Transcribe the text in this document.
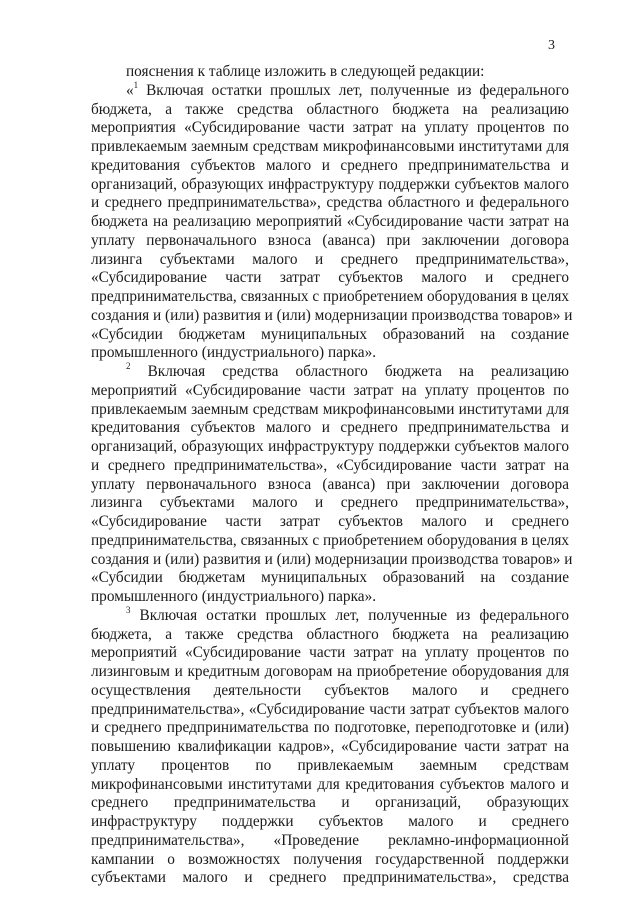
3
пояснения к таблице изложить в следующей редакции:
«$^1$ Включая остатки прошлых лет, полученные из федерального
бюджета, а также средства областного бюджета на реализацию
мероприятия «Субсидирование части затрат на уплату процентов по
привлекаемым заемным средствам микрофинансовыми институтами для
кредитования субъектов малого и среднего предпринимательства и
организаций, образующих инфраструктуру поддержки субъектов малого
и среднего предпринимательства», средства областного и федерального
бюджета на реализацию мероприятий «Субсидирование части затрат на
уплату первоначального взноса (аванса) при заключении договора
лизинга субъектами малого и среднего предпринимательства»,
«Субсидирование части затрат субъектов малого и среднего
предпринимательства, связанных с приобретением оборудования в целях
создания и (или) развития и (или) модернизации производства товаров» и
«Субсидии бюджетам муниципальных образований на создание
промышленного (индустриального) парка».
$^2$ Включая средства областного бюджета на реализацию
мероприятий «Субсидирование части затрат на уплату процентов по
привлекаемым заемным средствам микрофинансовыми институтами для
кредитования субъектов малого и среднего предпринимательства и
организаций, образующих инфраструктуру поддержки субъектов малого
и среднего предпринимательства», «Субсидирование части затрат на
уплату первоначального взноса (аванса) при заключении договора
лизинга субъектами малого и среднего предпринимательства»,
«Субсидирование части затрат субъектов малого и среднего
предпринимательства, связанных с приобретением оборудования в целях
создания и (или) развития и (или) модернизации производства товаров» и
«Субсидии бюджетам муниципальных образований на создание
промышленного (индустриального) парка».
$^3$ Включая остатки прошлых лет, полученные из федерального
бюджета, а также средства областного бюджета на реализацию
мероприятий «Субсидирование части затрат на уплату процентов по
лизинговым и кредитным договорам на приобретение оборудования для
осуществления деятельности субъектов малого и среднего
предпринимательства», «Субсидирование части затрат субъектов малого
и среднего предпринимательства по подготовке, переподготовке и (или)
повышению квалификации кадров», «Субсидирование части затрат на
уплату процентов по привлекаемым заемным средствам
микрофинансовыми институтами для кредитования субъектов малого и
среднего предпринимательства и организаций, образующих
инфраструктуру поддержки субъектов малого и среднего
предпринимательства», «Проведение рекламно-информационной
кампании о возможностях получения государственной поддержки
субъектами малого и среднего предпринимательства», средства
